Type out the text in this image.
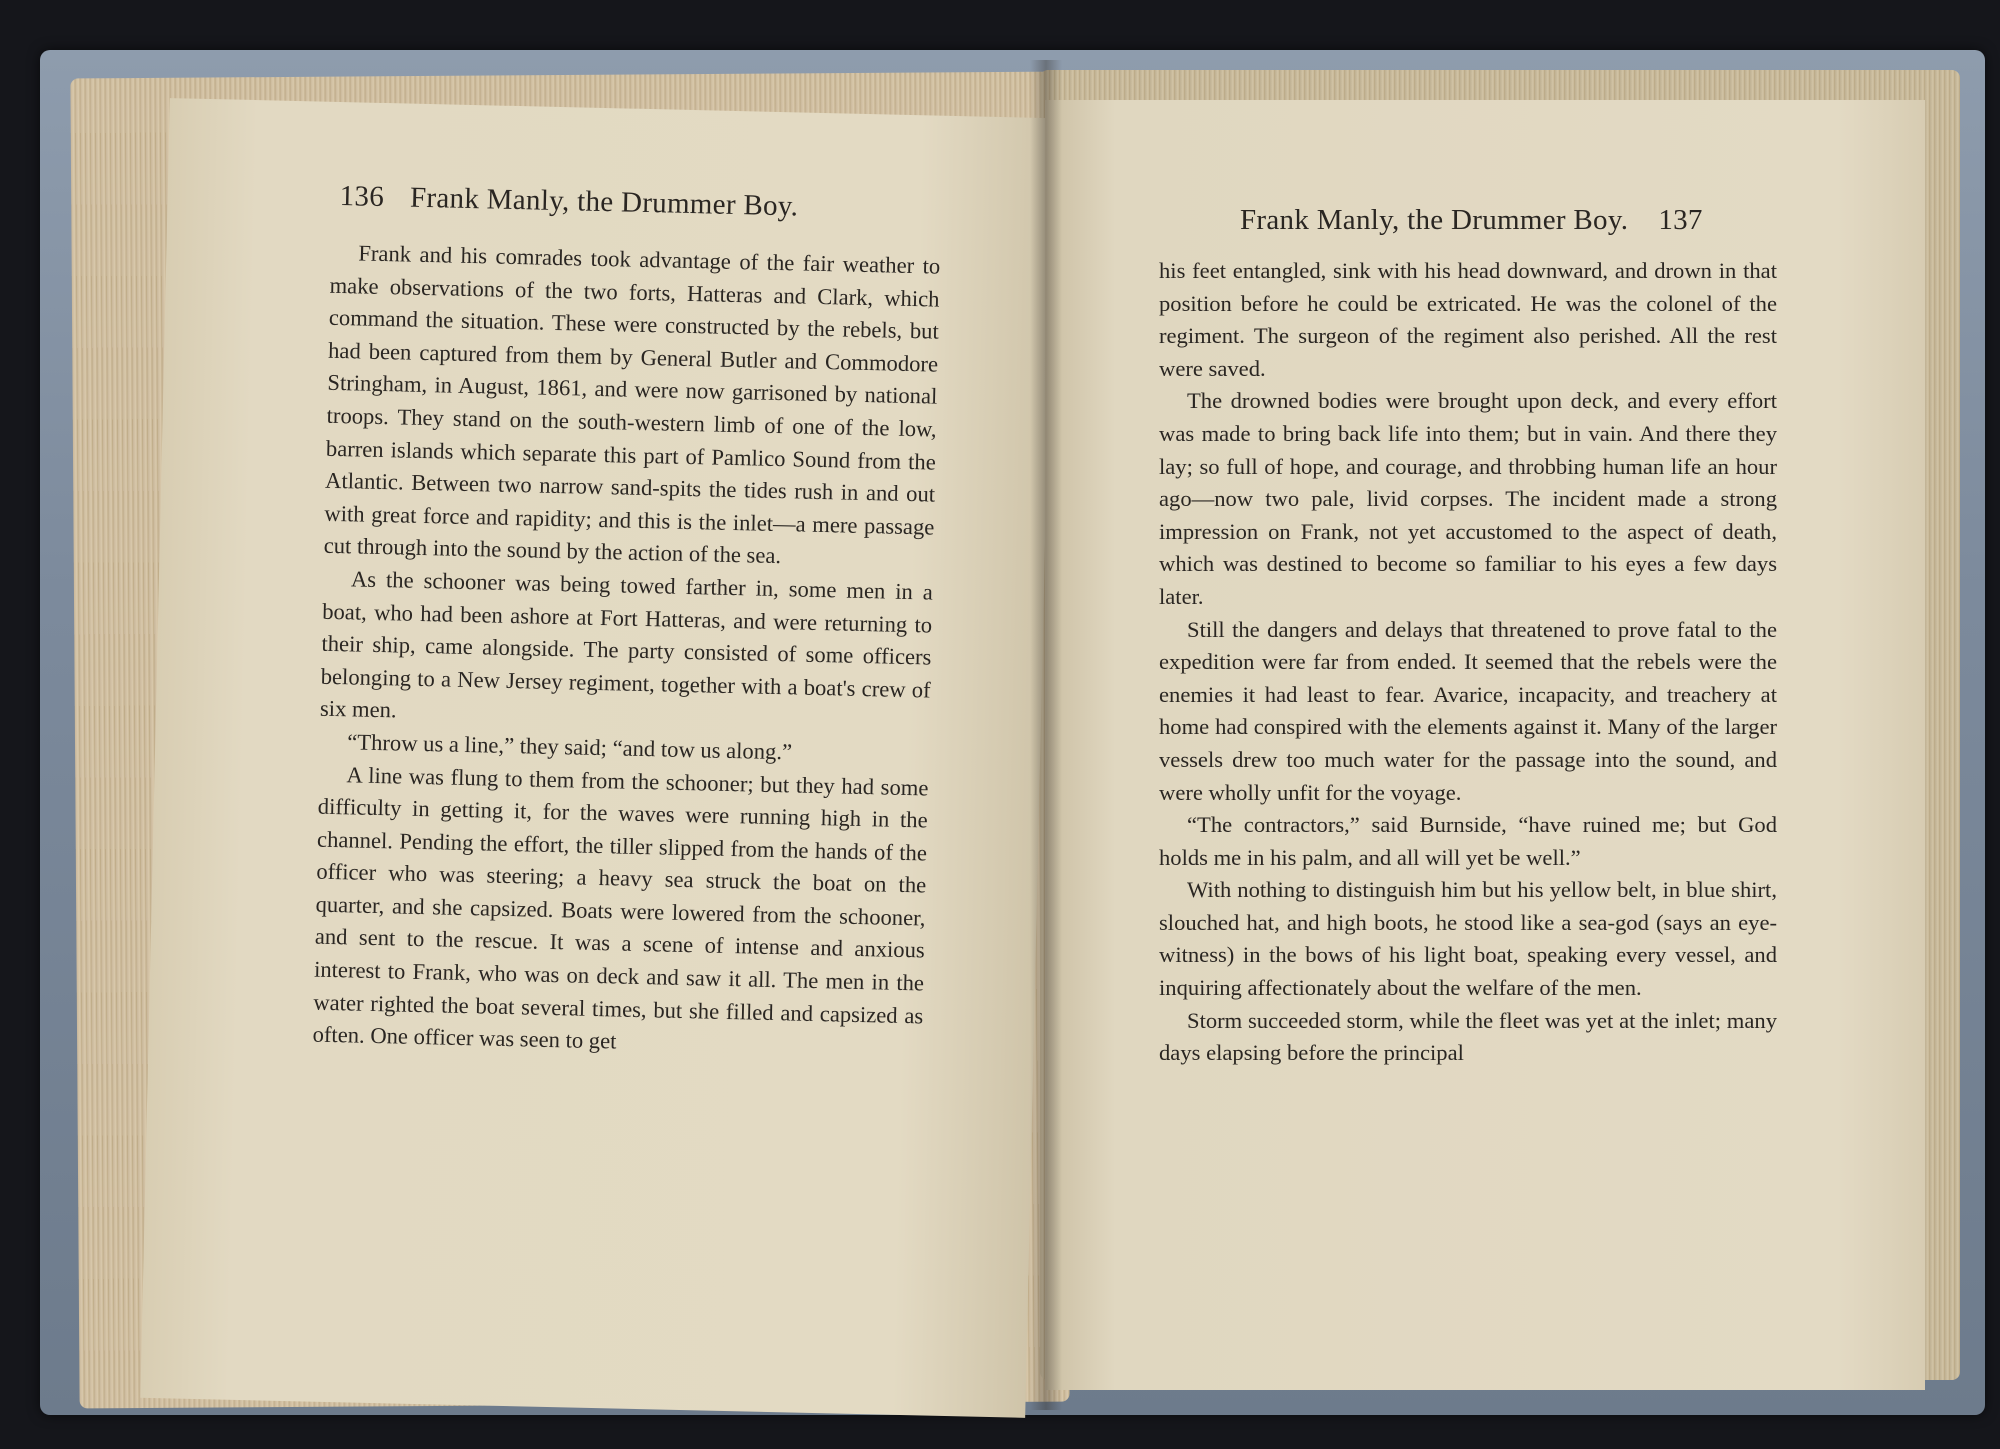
136 Frank Manly, the Drummer Boy.

Frank and his comrades took advantage of the fair weather to make observations of the two forts, Hatteras and Clark, which command the situation. These were constructed by the rebels, but had been captured from them by General Butler and Commodore Stringham, in August, 1861, and were now garrisoned by national troops. They stand on the south-western limb of one of the low, barren islands which separate this part of Pamlico Sound from the Atlantic. Between two narrow sand-spits the tides rush in and out with great force and rapidity; and this is the inlet—a mere passage cut through into the sound by the action of the sea.

As the schooner was being towed farther in, some men in a boat, who had been ashore at Fort Hatteras, and were returning to their ship, came alongside. The party consisted of some officers belonging to a New Jersey regiment, together with a boat's crew of six men.

“Throw us a line,” they said; “and tow us along.”

A line was flung to them from the schooner; but they had some difficulty in getting it, for the waves were running high in the channel. Pending the effort, the tiller slipped from the hands of the officer who was steering; a heavy sea struck the boat on the quarter, and she capsized. Boats were lowered from the schooner, and sent to the rescue. It was a scene of intense and anxious interest to Frank, who was on deck and saw it all. The men in the water righted the boat several times, but she filled and capsized as often. One officer was seen to get

Frank Manly, the Drummer Boy. 137

his feet entangled, sink with his head downward, and drown in that position before he could be extricated. He was the colonel of the regiment. The surgeon of the regiment also perished. All the rest were saved.

The drowned bodies were brought upon deck, and every effort was made to bring back life into them; but in vain. And there they lay; so full of hope, and courage, and throbbing human life an hour ago—now two pale, livid corpses. The incident made a strong impression on Frank, not yet accustomed to the aspect of death, which was destined to become so familiar to his eyes a few days later.

Still the dangers and delays that threatened to prove fatal to the expedition were far from ended. It seemed that the rebels were the enemies it had least to fear. Avarice, incapacity, and treachery at home had conspired with the elements against it. Many of the larger vessels drew too much water for the passage into the sound, and were wholly unfit for the voyage.

“The contractors,” said Burnside, “have ruined me; but God holds me in his palm, and all will yet be well.”

With nothing to distinguish him but his yellow belt, in blue shirt, slouched hat, and high boots, he stood like a sea-god (says an eye-witness) in the bows of his light boat, speaking every vessel, and inquiring affectionately about the welfare of the men.

Storm succeeded storm, while the fleet was yet at the inlet; many days elapsing before the principal
